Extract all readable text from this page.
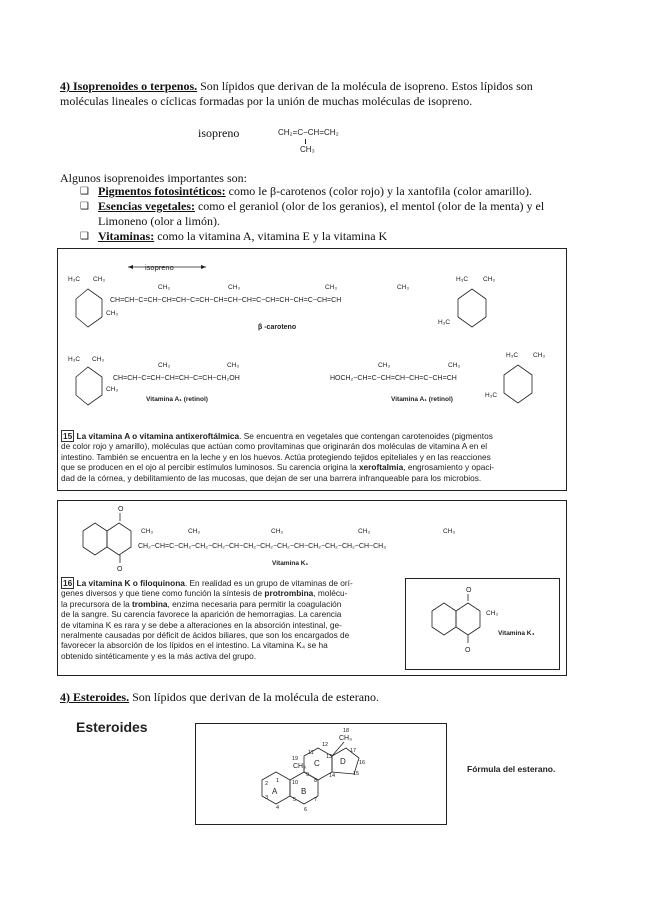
4) Isoprenoides o terpenos. Son lípidos que derivan de la molécula de isopreno. Estos lípidos son
moléculas lineales o cíclicas formadas por la unión de muchas moléculas de isopreno.
isopreno	CH₂=C−CH=CH₂
CH₃
Algunos isoprenoides importantes son:
❑ Pigmentos fotosintéticos: como le β-carotenos (color rojo) y la xantofila (color amarillo).
❑ Esencias vegetales: como el geraniol (olor de los geranios), el mentol (olor de la menta) y el
Limoneno (olor a limón).
❑ Vitaminas: como la vitamina A, vitamina E y la vitamina K
isopreno
H₃C CH₃
CH₃
CH=CH−C=CH−CH=CH−C=CH−CH=CH−CH=C−CH=CH−CH=C−CH=CH
CH₃	CH₃	CH₃	CH₃
H₃C CH₃
H₃C
β -caroteno
H₃C CH₃
CH₃
CH=CH−C=CH−CH=CH−C=CH−CH₂OH
CH₃	CH₃
Vitamina A₁ (retinol)
HOCH₂−CH=C−CH=CH−CH=C−CH=CH
CH₃	CH₃
H₃C CH₃
H₃C
Vitamina A₁ (retinol)
15 La vitamina A o vitamina antixeroftálmica. Se encuentra en vegetales que contengan carotenoides (pigmentos
de color rojo y amarillo), moléculas que actúan como provitaminas que originarán dos moléculas de vitamina A en el
intestino. También se encuentra en la leche y en los huevos. Actúa protegiendo tejidos epiteliales y en las reacciones
que se producen en el ojo al percibir estímulos luminosos. Su carencia origina la xeroftalmia, engrosamiento y opaci-
dad de la córnea, y debilitamiento de las mucosas, que dejan de ser una barrera infranqueable para los microbios.
O
O
CH₃
CH₂−CH=C−CH₂−CH₂−CH₂−CH−CH₂−CH₂−CH₂−CH−CH₂−CH₂−CH₂−CH−CH₃
CH₃	CH₃	CH₃	CH₃
Vitamina K₁
16 La vitamina K o filoquinona. En realidad es un grupo de vitaminas de orí-
genes diversos y que tiene como función la síntesis de protrombina, molécu-
la precursora de la trombina, enzima necesaria para permitir la coagulación
de la sangre. Su carencia favorece la aparición de hemorragias. La carencia
de vitamina K es rara y se debe a alteraciones en la absorción intestinal, ge-
neralmente causadas por déficit de ácidos biliares, que son los encargados de
favorecer la absorción de los lípidos en el intestino. La vitamina K₄ se ha
obtenido sintéticamente y es la más activa del grupo.
O
O
CH₃
Vitamina K₄
4) Esteroides. Son lípidos que derivan de la molécula de esterano.
Esteroides
CH₃
CH₃
A	B
C	D
1
2
3
4
5
6
7
8
9
10
11
12
13
14	15
16
17
18
19
Fórmula del esterano.
